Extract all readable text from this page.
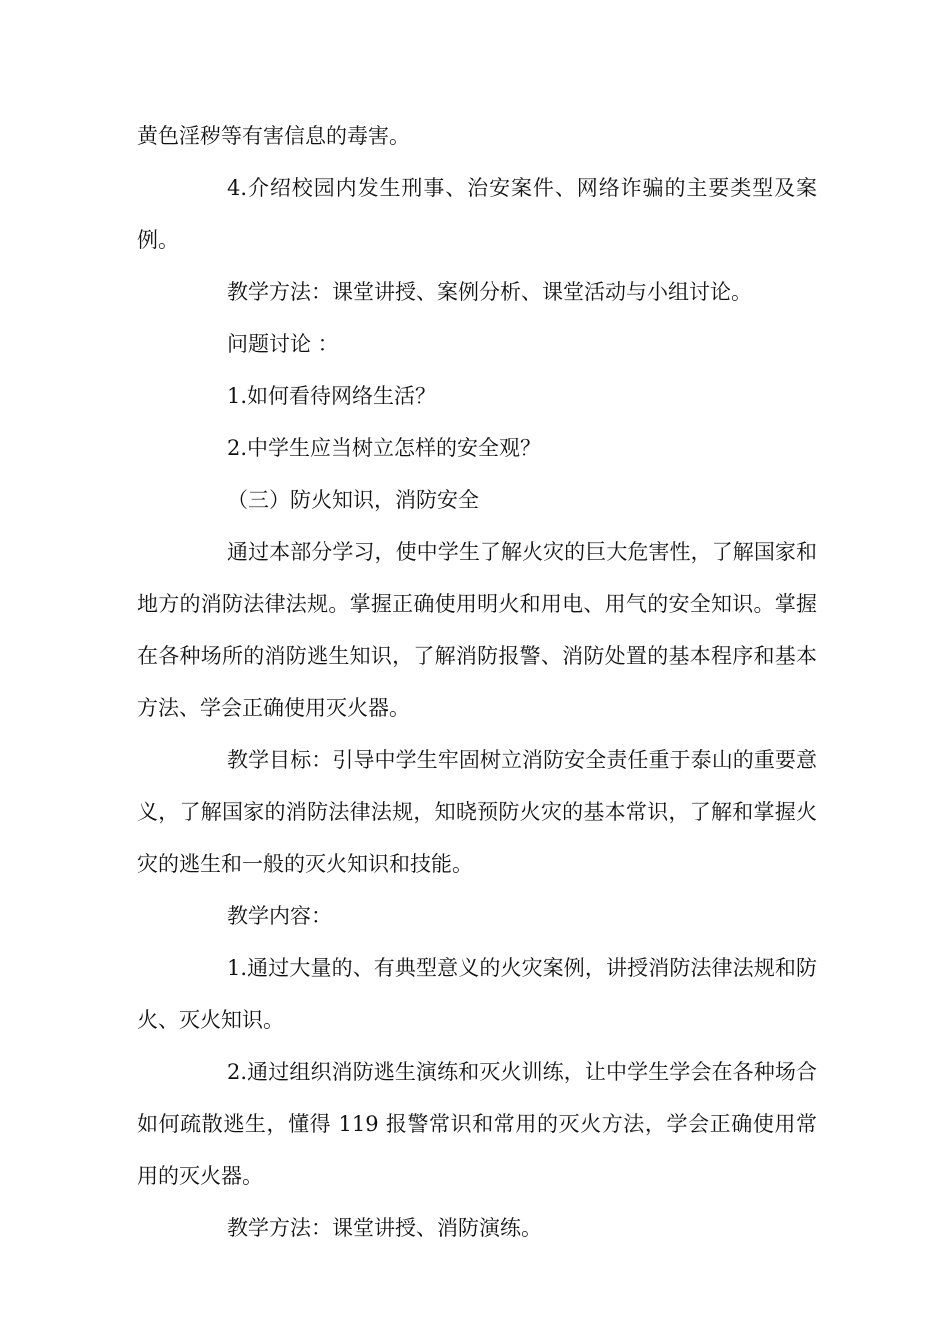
黄色淫秽等有害信息的毒害。

4.介绍校园内发生刑事、治安案件、网络诈骗的主要类型及案例。

教学方法：课堂讲授、案例分析、课堂活动与小组讨论。

问题讨论 ：

1.如何看待网络生活？

2.中学生应当树立怎样的安全观？

（三）防火知识，消防安全

通过本部分学习，使中学生了解火灾的巨大危害性，了解国家和地方的消防法律法规。掌握正确使用明火和用电、用气的安全知识。掌握在各种场所的消防逃生知识，了解消防报警、消防处置的基本程序和基本方法、学会正确使用灭火器。

教学目标：引导中学生牢固树立消防安全责任重于泰山的重要意义，了解国家的消防法律法规，知晓预防火灾的基本常识，了解和掌握火灾的逃生和一般的灭火知识和技能。

教学内容：

1.通过大量的、有典型意义的火灾案例，讲授消防法律法规和防火、灭火知识。

2.通过组织消防逃生演练和灭火训练，让中学生学会在各种场合如何疏散逃生，懂得 119 报警常识和常用的灭火方法，学会正确使用常用的灭火器。

教学方法：课堂讲授、消防演练。
